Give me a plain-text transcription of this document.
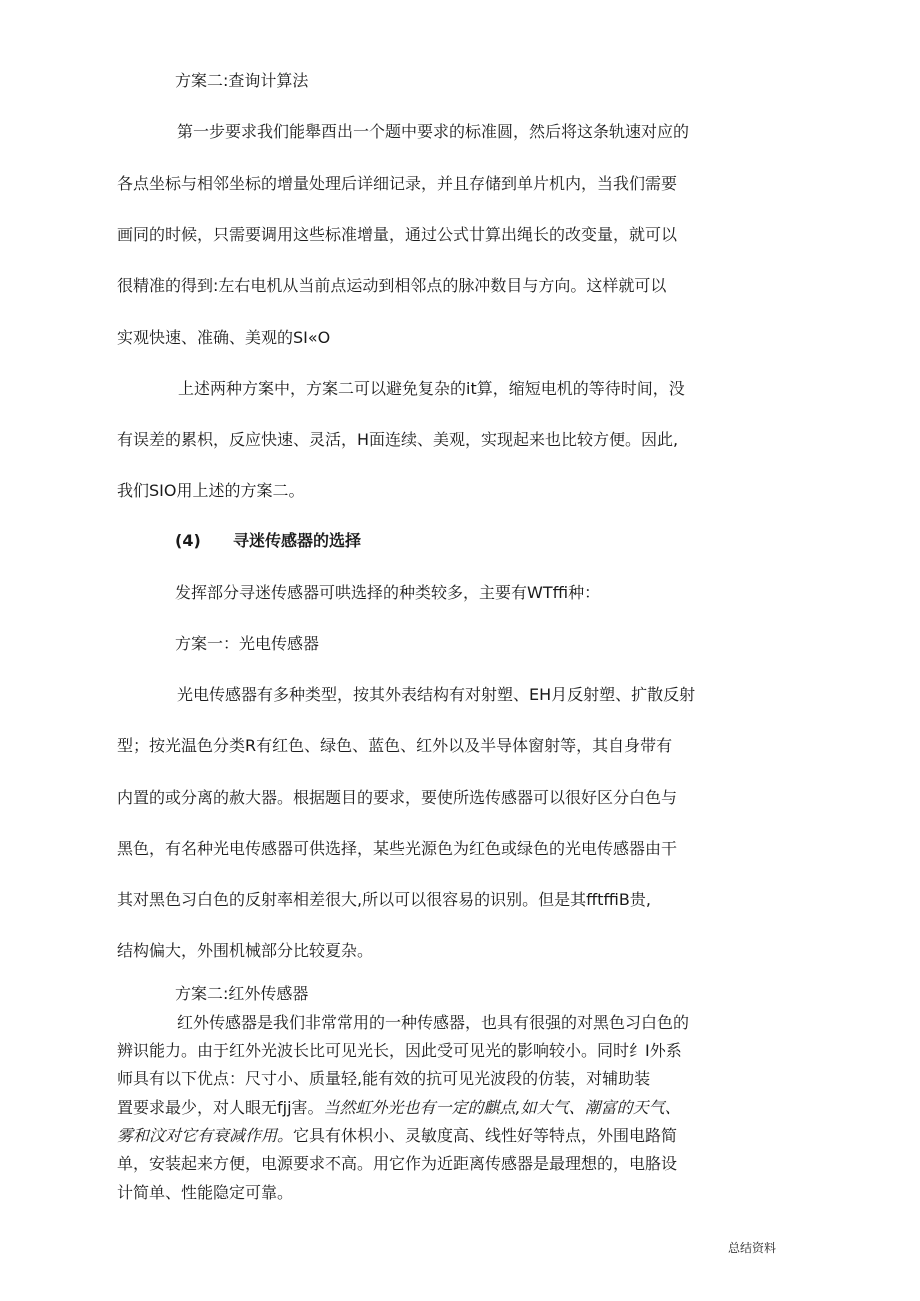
方案二:查询计算法

第一步要求我们能舉酉出一个题中要求的标准圆，然后将这条轨速对应的

各点坐标与相邻坐标的增量处理后详细记录，并且存储到单片机内，当我们需要

画同的时候，只需要调用这些标准增量，通过公式廿算出绳长的改变量，就可以

很精准的得到:左右电机从当前点运动到相邻点的脉冲数目与方向。这样就可以

实观快速、准确、美观的SI«O

上述两种方案中，方案二可以避免复杂的it算，缩短电机的等待时间，没

有误差的累枳，反应快速、灵活，H面连续、美观，实现起来也比较方便。因此,

我们SIO用上述的方案二。

(4) 寻迷传感器的选择

发挥部分寻迷传感器可哄选择的种类较多，主要有WTffi种：

方案一：光电传感器

光电传感器有多种类型，按其外表结构有对射塑、EH月反射塑、扩散反射

型；按光温色分类R有红色、绿色、蓝色、红外以及半导体窗射等，其自身带有

内置的或分离的赦大器。根据题目的要求，要使所选传感器可以很好区分白色与

黑色，有名种光电传感器可供选择，某些光源色为红色或绿色的光电传感器由干

其对黑色习白色的反射率相差很大,所以可以很容易的识别。但是其fftffiB贵,

结构偏大，外围机械部分比较夏杂。

方案二:红外传感器

红外传感器是我们非常常用的一种传感器，也具有很强的对黑色习白色的

辨识能力。由于红外光波长比可见光长，因此受可见光的影响较小。同时纟I外系

师具有以下优点：尺寸小、质量轻,能有效的抗可见光波段的仿装，对辅助装

置要求最少，对人眼无fjj害。当然虹外光也有一定的麒点,如大气、潮富的天气、

雾和汶对它有衰减作用。它具有休枳小、灵敏度高、线性好等特点，外围电路简

单，安装起来方便，电源要求不高。用它作为近距离传感器是最理想的，电胳设

计简单、性能隐定可靠。

总结资料
